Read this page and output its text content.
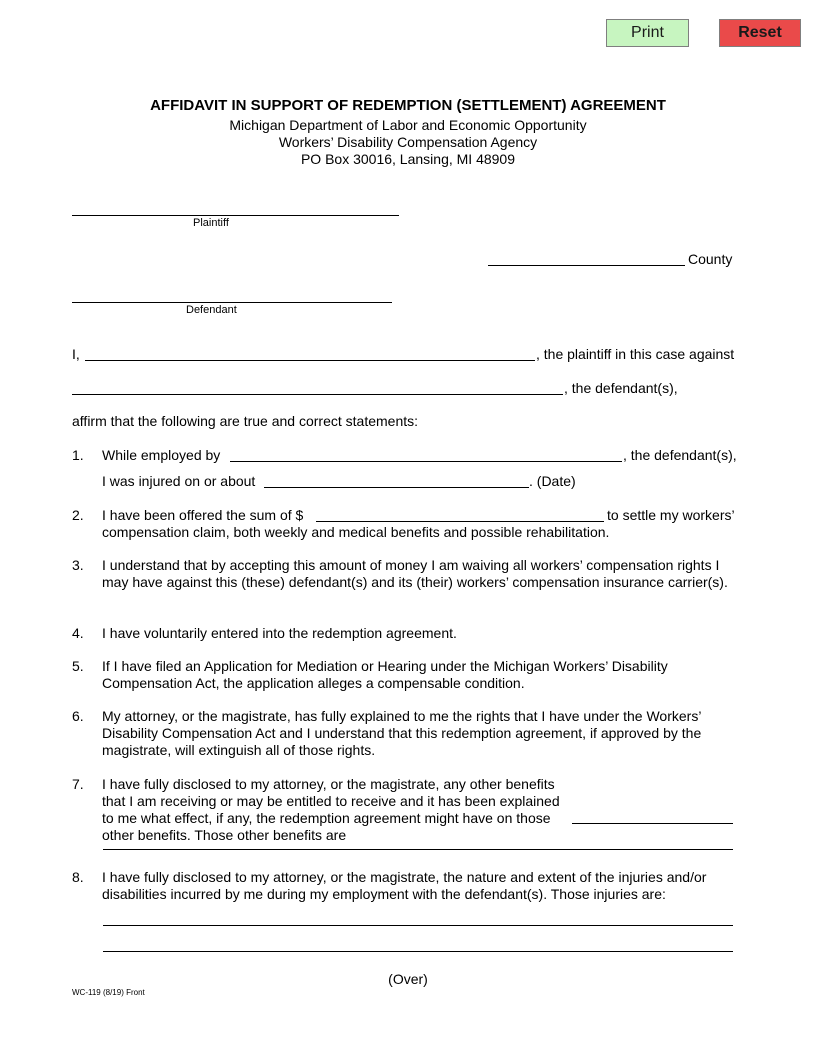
Print	Reset
AFFIDAVIT IN SUPPORT OF REDEMPTION (SETTLEMENT) AGREEMENT
Michigan Department of Labor and Economic Opportunity
Workers’ Disability Compensation Agency
PO Box 30016, Lansing, MI 48909
Plaintiff
County
Defendant
I,	, the plaintiff in this case against
, the defendant(s),
affirm that the following are true and correct statements:
1. While employed by	, the defendant(s),
I was injured on or about	. (Date)
2. I have been offered the sum of $	to settle my workers’
compensation claim, both weekly and medical benefits and possible rehabilitation.
3. I understand that by accepting this amount of money I am waiving all workers’ compensation rights I may have against this (these) defendant(s) and its (their) workers’ compensation insurance carrier(s).
4. I have voluntarily entered into the redemption agreement.
5. If I have filed an Application for Mediation or Hearing under the Michigan Workers’ Disability Compensation Act, the application alleges a compensable condition.
6. My attorney, or the magistrate, has fully explained to me the rights that I have under the Workers’ Disability Compensation Act and I understand that this redemption agreement, if approved by the magistrate, will extinguish all of those rights.
7. I have fully disclosed to my attorney, or the magistrate, any other benefits that I am receiving or may be entitled to receive and it has been explained to me what effect, if any, the redemption agreement might have on those other benefits. Those other benefits are
8. I have fully disclosed to my attorney, or the magistrate, the nature and extent of the injuries and/or disabilities incurred by me during my employment with the defendant(s). Those injuries are:
(Over)
WC-119 (8/19) Front
